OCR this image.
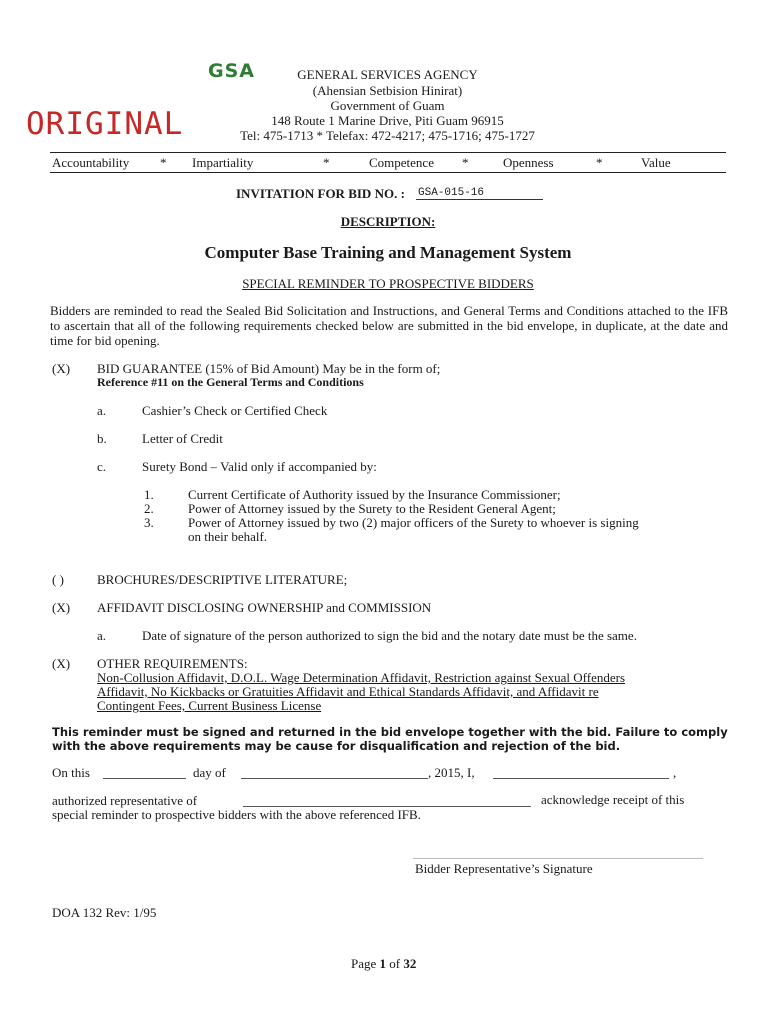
GSA
ORIGINAL
GENERAL SERVICES AGENCY
(Ahensian Setbision Hinirat)
Government of Guam
148 Route 1 Marine Drive, Piti Guam 96915
Tel: 475-1713 * Telefax: 472-4217; 475-1716; 475-1727
Accountability * Impartiality	*	Competence *	Openness	*	Value
INVITATION FOR BID NO. : GSA-015-16
DESCRIPTION:
Computer Base Training and Management System
SPECIAL REMINDER TO PROSPECTIVE BIDDERS
Bidders are reminded to read the Sealed Bid Solicitation and Instructions, and General Terms and Conditions attached to the IFB to ascertain that all of the following requirements checked below are submitted in the bid envelope, in duplicate, at the date and time for bid opening.
(X) BID GUARANTEE (15% of Bid Amount) May be in the form of;
Reference #11 on the General Terms and Conditions
a.	Cashier’s Check or Certified Check
b.	Letter of Credit
c.	Surety Bond – Valid only if accompanied by:
1.	Current Certificate of Authority issued by the Insurance Commissioner;
2.	Power of Attorney issued by the Surety to the Resident General Agent;
3.	Power of Attorney issued by two (2) major officers of the Surety to whoever is signing
on their behalf.
( )	BROCHURES/DESCRIPTIVE LITERATURE;
(X) AFFIDAVIT DISCLOSING OWNERSHIP and COMMISSION
a.	Date of signature of the person authorized to sign the bid and the notary date must be the same.
(X) OTHER REQUIREMENTS:
Non-Collusion Affidavit, D.O.L. Wage Determination Affidavit, Restriction against Sexual Offenders
Affidavit, No Kickbacks or Gratuities Affidavit and Ethical Standards Affidavit, and Affidavit re
Contingent Fees, Current Business License
This reminder must be signed and returned in the bid envelope together with the bid. Failure to comply
with the above requirements may be cause for disqualification and rejection of the bid.
On this	day of	, 2015, I,	,
authorized representative of	acknowledge receipt of this
special reminder to prospective bidders with the above referenced IFB.
Bidder Representative’s Signature
DOA 132 Rev: 1/95
Page 1 of 32
